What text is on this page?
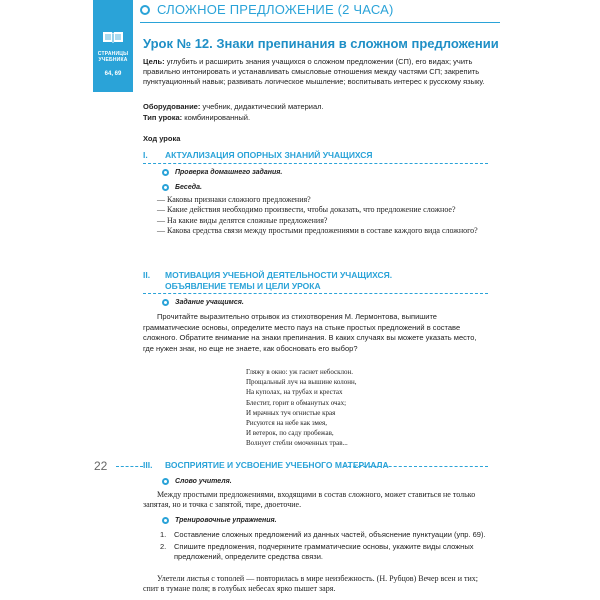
СТРАНИЦЫ УЧЕБНИКА
64, 69
СЛОЖНОЕ ПРЕДЛОЖЕНИЕ (2 ЧАСА)
Урок № 12. Знаки препинания в сложном предложении
Цель: углубить и расширить знания учащихся о сложном предложении (СП), его видах; учить правильно интонировать и устанавливать смысловые отношения между частями СП; закрепить пунктуационный навык; развивать логическое мышление; воспитывать интерес к русскому языку.
Оборудование: учебник, дидактический материал.
Тип урока: комбинированный.
Ход урока
I. АКТУАЛИЗАЦИЯ ОПОРНЫХ ЗНАНИЙ УЧАЩИХСЯ
Проверка домашнего задания.
Беседа.

— Каковы признаки сложного предложения?

— Какие действия необходимо произвести, чтобы доказать, что предложение сложное?

— На какие виды делятся сложные предложения?

— Какова средства связи между простыми предложениями в составе каждого вида сложного?

II. МОТИВАЦИЯ УЧЕБНОЙ ДЕЯТЕЛЬНОСТИ УЧАЩИХСЯ.
ОБЪЯВЛЕНИЕ ТЕМЫ И ЦЕЛИ УРОКА
Задание учащимся.
Прочитайте выразительно отрывок из стихотворения М. Лермонтова, выпишите грамматические основы, определите место пауз на стыке простых предложений в составе сложного. Обратите внимание на знаки препинания. В каких случаях вы можете указать место, где нужен знак, но еще не знаете, как обосновать его выбор?
Гляжу в окно: уж гаснет небосклон.
Прощальный луч на вышине колонн,
На куполах, на трубах и крестах
Блестит, горит в обманутых очах;
И мрачных туч огнистые края
Рисуются на небе как змея,
И ветерок, по саду пробежав,
Волнует стебли омоченных трав...
22	III. ВОСПРИЯТИЕ И УСВОЕНИЕ УЧЕБНОГО МАТЕРИАЛА
Слово учителя.

Между простыми предложениями, входящими в состав сложного, может ставиться не только запятая, но и точка с запятой, тире, двоеточие.

Тренировочные упражнения.
1.	Составление сложных предложений из данных частей, объяснение пунктуации (упр. 69).
2.	Спишите предложения, подчеркните грамматические основы, укажите виды сложных предложений, определите средства связи.

Улетели листья с тополей — повторилась в мире неизбежность. (Н. Рубцов) Вечер всен и тих; спит в тумане поля; в голубых небесах ярко пышет заря.
